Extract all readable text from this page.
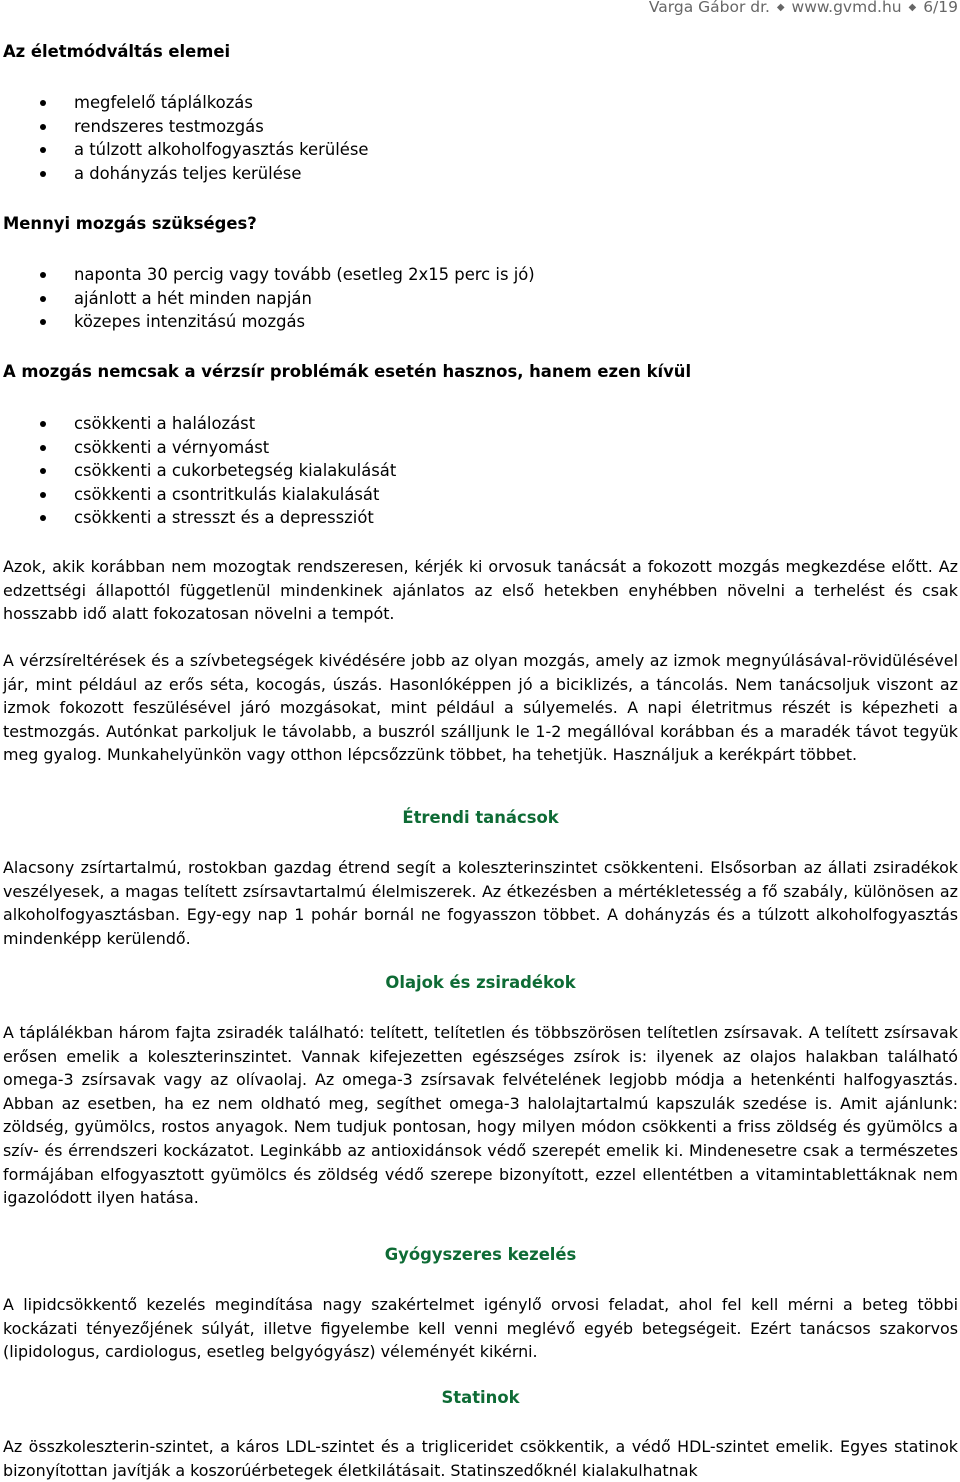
Varga Gábor dr. ◆ www.gvmd.hu ◆ 6/19
Az életmódváltás elemei
megfelelő táplálkozás
rendszeres testmozgás
a túlzott alkoholfogyasztás kerülése
a dohányzás teljes kerülése
Mennyi mozgás szükséges?
naponta 30 percig vagy tovább (esetleg 2x15 perc is jó)
ajánlott a hét minden napján
közepes intenzitású mozgás
A mozgás nemcsak a vérzsír problémák esetén hasznos, hanem ezen kívül
csökkenti a halálozást
csökkenti a vérnyomást
csökkenti a cukorbetegség kialakulását
csökkenti a csontritkulás kialakulását
csökkenti a stresszt és a depressziót

Azok, akik korábban nem mozogtak rendszeresen, kérjék ki orvosuk tanácsát a fokozott mozgás megkezdése előtt. Az edzettségi állapottól függetlenül mindenkinek ajánlatos az első hetekben enyhébben növelni a terhelést és csak hosszabb idő alatt fokozatosan növelni a tempót.

A vérzsíreltérések és a szívbetegségek kivédésére jobb az olyan mozgás, amely az izmok megnyúlásával-rövidülésével jár, mint például az erős séta, kocogás, úszás. Hasonlóképpen jó a biciklizés, a táncolás. Nem tanácsoljuk viszont az izmok fokozott feszülésével járó mozgásokat, mint például a súlyemelés. A napi életritmus részét is képezheti a testmozgás. Autónkat parkoljuk le távolabb, a buszról szálljunk le 1-2 megállóval korábban és a maradék távot tegyük meg gyalog. Munkahelyünkön vagy otthon lépcsőzzünk többet, ha tehetjük. Használjuk a kerékpárt többet.

Étrendi tanácsok

Alacsony zsírtartalmú, rostokban gazdag étrend segít a koleszterinszintet csökkenteni. Elsősorban az állati zsiradékok veszélyesek, a magas telített zsírsavtartalmú élelmiszerek. Az étkezésben a mértékletesség a fő szabály, különösen az alkoholfogyasztásban. Egy-egy nap 1 pohár bornál ne fogyasszon többet. A dohányzás és a túlzott alkoholfogyasztás mindenképp kerülendő.

Olajok és zsiradékok

A táplálékban három fajta zsiradék található: telített, telítetlen és többszörösen telítetlen zsírsavak. A telített zsírsavak erősen emelik a koleszterinszintet. Vannak kifejezetten egészséges zsírok is: ilyenek az olajos halakban található omega-3 zsírsavak vagy az olívaolaj. Az omega-3 zsírsavak felvételének legjobb módja a hetenkénti halfogyasztás. Abban az esetben, ha ez nem oldható meg, segíthet omega-3 halolajtartalmú kapszulák szedése is. Amit ajánlunk: zöldség, gyümölcs, rostos anyagok. Nem tudjuk pontosan, hogy milyen módon csökkenti a friss zöldség és gyümölcs a szív- és érrendszeri kockázatot. Leginkább az antioxidánsok védő szerepét emelik ki. Mindenesetre csak a természetes formájában elfogyasztott gyümölcs és zöldség védő szerepe bizonyított, ezzel ellentétben a vitamintablettáknak nem igazolódott ilyen hatása.

Gyógyszeres kezelés

A lipidcsökkentő kezelés megindítása nagy szakértelmet igénylő orvosi feladat, ahol fel kell mérni a beteg többi kockázati tényezőjének súlyát, illetve figyelembe kell venni meglévő egyéb betegségeit. Ezért tanácsos szakorvos (lipidologus, cardiologus, esetleg belgyógyász) véleményét kikérni.

Statinok

Az összkoleszterin-szintet, a káros LDL-szintet és a trigliceridet csökkentik, a védő HDL-szintet emelik. Egyes statinok bizonyítottan javítják a koszorúérbetegek életkilátásait. Statinszedőknél kialakulhatnak
